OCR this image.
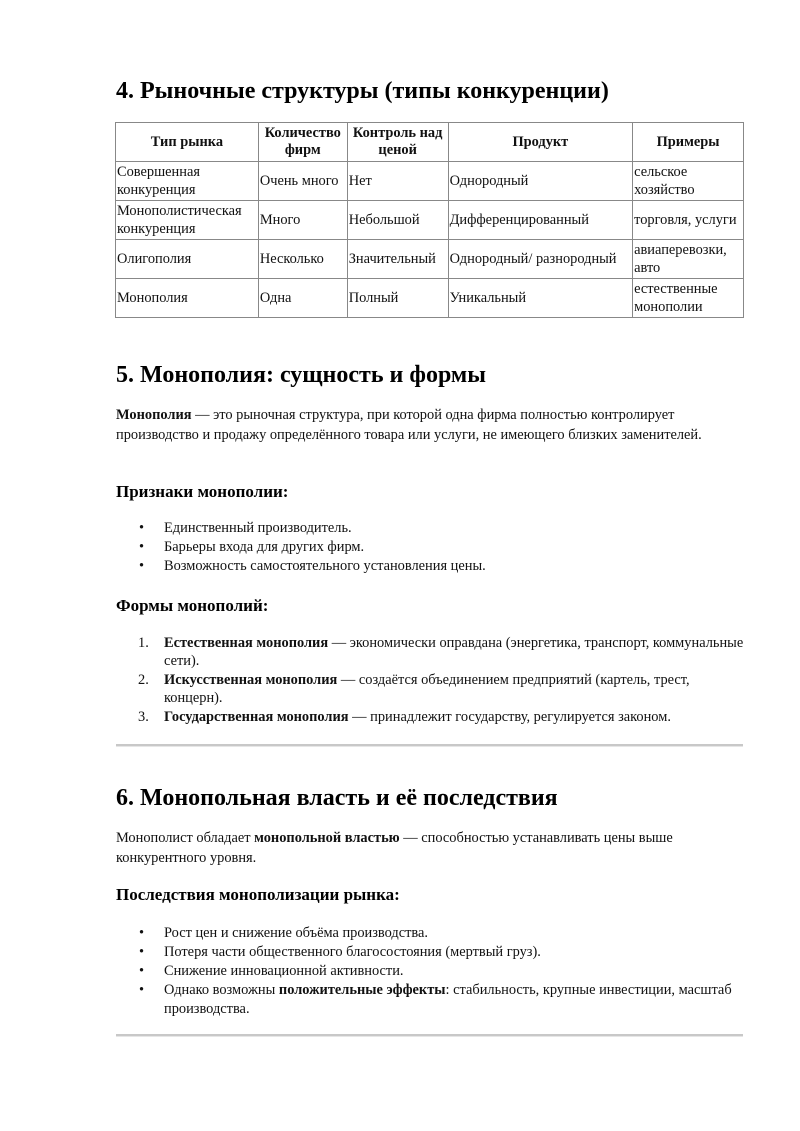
4. Рыночные структуры (типы конкуренции)
Тип рынка	Количество фирм	Контроль над ценой	Продукт	Примеры
Совершенная конкуренция	Очень много	Нет	Однородный	сельское хозяйство
Монополистическая конкуренция	Много	Небольшой	Дифференцированный	торговля, услуги
Олигополия	Несколько	Значительный	Однородный/ разнородный	авиаперевозки, авто
Монополия	Одна	Полный	Уникальный	естественные монополии
5. Монополия: сущность и формы

Монополия — это рыночная структура, при которой одна фирма полностью контролирует производство и продажу определённого товара или услуги, не имеющего близких заменителей.

Признаки монополии:
• Единственный производитель.
• Барьеры входа для других фирм.
• Возможность самостоятельного установления цены.
Формы монополий:
1. Естественная монополия — экономически оправдана (энергетика, транспорт, коммунальные сети).
2. Искусственная монополия — создаётся объединением предприятий (картель, трест, концерн).
3. Государственная монополия — принадлежит государству, регулируется законом.
6. Монопольная власть и её последствия

Монополист обладает монопольной властью — способностью устанавливать цены выше конкурентного уровня.

Последствия монополизации рынка:
• Рост цен и снижение объёма производства.
• Потеря части общественного благосостояния (мертвый груз).
• Снижение инновационной активности.
• Однако возможны положительные эффекты: стабильность, крупные инвестиции, масштаб производства.
